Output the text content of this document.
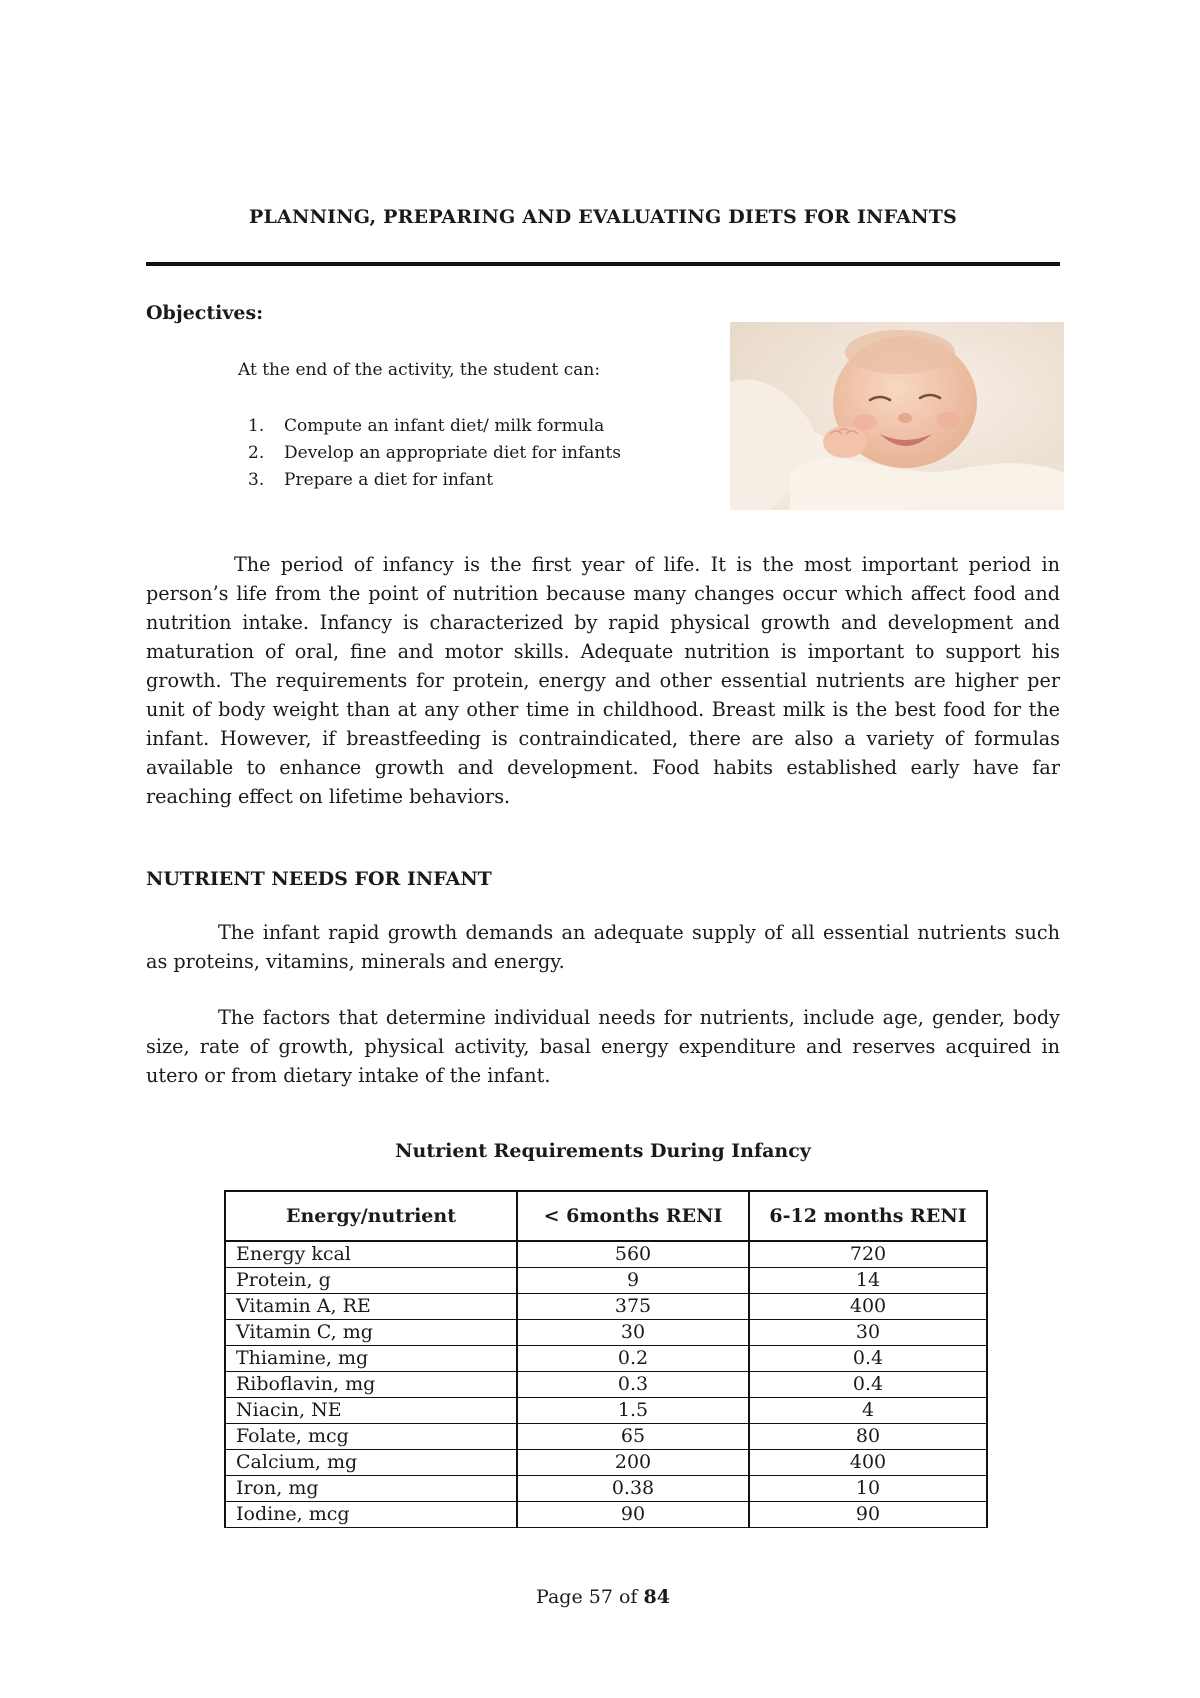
PLANNING, PREPARING AND EVALUATING DIETS FOR INFANTS
Objectives:
At the end of the activity, the student can:
1.	Compute an infant diet/ milk formula
2.	Develop an appropriate diet for infants
3.	Prepare a diet for infant

The period of infancy is the first year of life. It is the most important period in person’s life from the point of nutrition because many changes occur which affect food and nutrition intake. Infancy is characterized by rapid physical growth and development and maturation of oral, fine and motor skills. Adequate nutrition is important to support his growth. The requirements for protein, energy and other essential nutrients are higher per unit of body weight than at any other time in childhood. Breast milk is the best food for the infant. However, if breastfeeding is contraindicated, there are also a variety of formulas available to enhance growth and development. Food habits established early have far reaching effect on lifetime behaviors.

NUTRIENT NEEDS FOR INFANT

The infant rapid growth demands an adequate supply of all essential nutrients such as proteins, vitamins, minerals and energy.

The factors that determine individual needs for nutrients, include age, gender, body size, rate of growth, physical activity, basal energy expenditure and reserves acquired in utero or from dietary intake of the infant.

Nutrient Requirements During Infancy
Energy/nutrient	< 6months RENI	6-12 months RENI
Energy kcal	560	720
Protein, g	9	14
Vitamin A, RE	375	400
Vitamin C, mg	30	30
Thiamine, mg	0.2	0.4
Riboflavin, mg	0.3	0.4
Niacin, NE	1.5	4
Folate, mcg	65	80
Calcium, mg	200	400
Iron, mg	0.38	10
Iodine, mcg	90	90
Page 57 of 84
